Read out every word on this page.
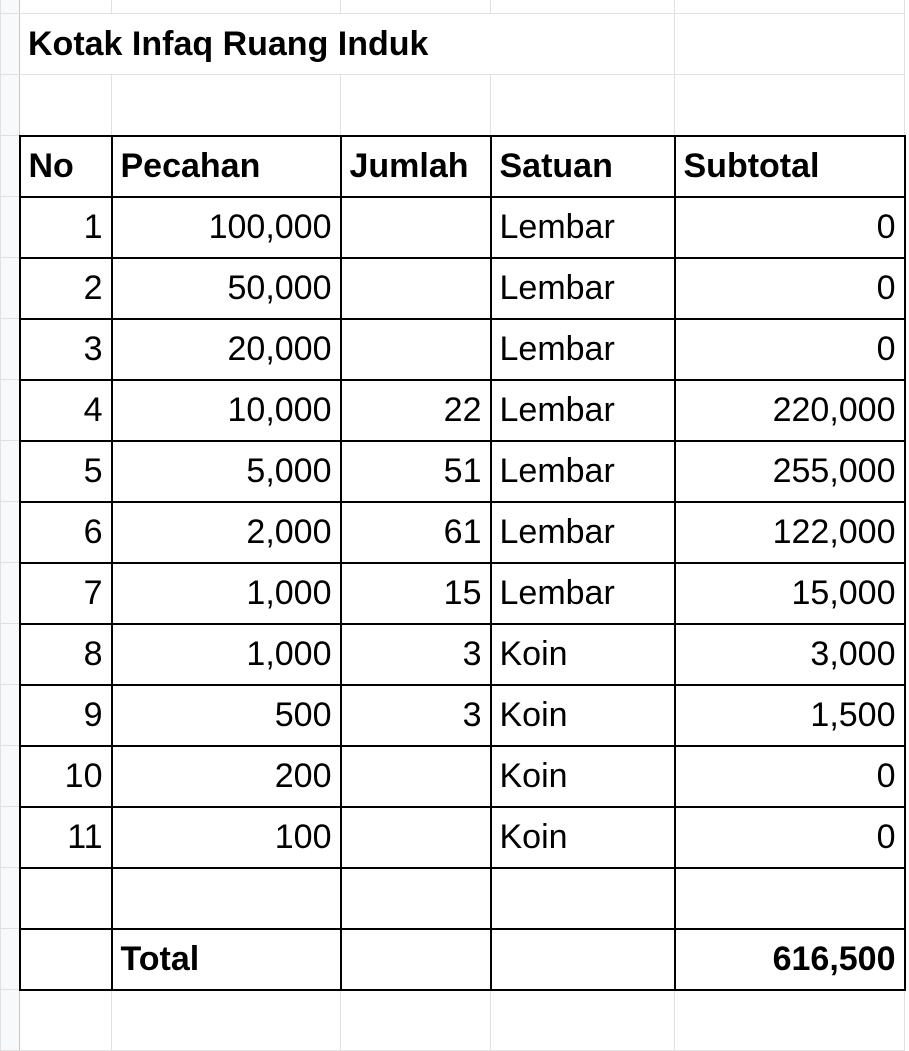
	Kotak Infaq Ruang Induk				

	No	Pecahan	Jumlah	Satuan	Subtotal
	1	100,000		Lembar	0
	2	50,000		Lembar	0
	3	20,000		Lembar	0
	4	10,000	22	Lembar	220,000
	5	5,000	51	Lembar	255,000
	6	2,000	61	Lembar	122,000
	7	1,000	15	Lembar	15,000
	8	1,000	3	Koin	3,000
	9	500	3	Koin	1,500
	10	200		Koin	0
	11	100		Koin	0

		Total			616,500
